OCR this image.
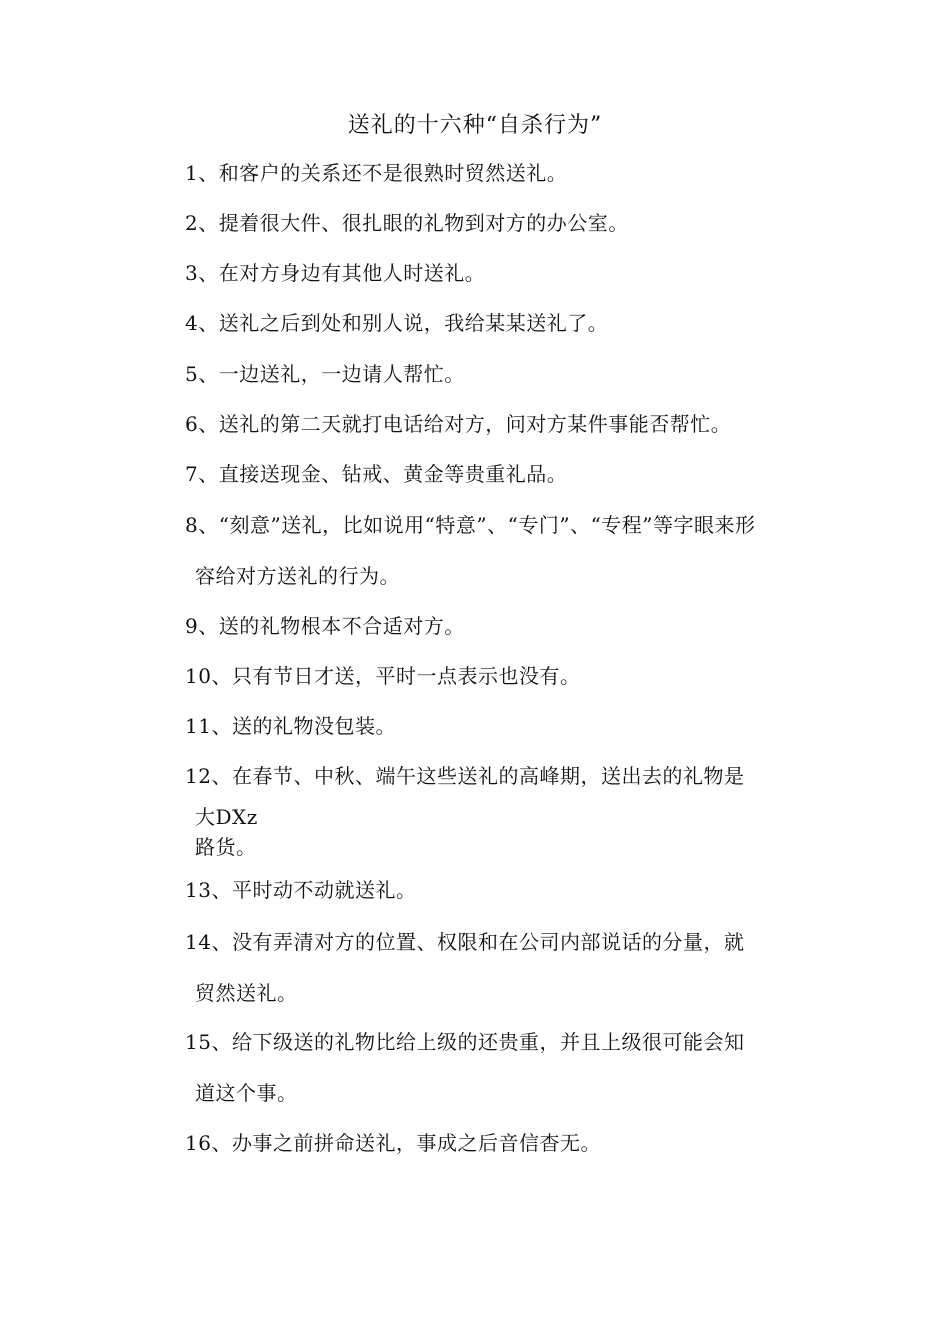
送礼的十六种“自杀行为”
1、和客户的关系还不是很熟时贸然送礼。
2、提着很大件、很扎眼的礼物到对方的办公室。
3、在对方身边有其他人时送礼。
4、送礼之后到处和别人说，我给某某送礼了。
5、一边送礼，一边请人帮忙。
6、送礼的第二天就打电话给对方，问对方某件事能否帮忙。
7、直接送现金、钻戒、黄金等贵重礼品。
8、“刻意”送礼，比如说用“特意”、“专门”、“专程”等字眼来形
容给对方送礼的行为。
9、送的礼物根本不合适对方。
10、只有节日才送，平时一点表示也没有。
11、送的礼物没包装。
12、在春节、中秋、端午这些送礼的高峰期，送出去的礼物是
大DXz
路货。
13、平时动不动就送礼。
14、没有弄清对方的位置、权限和在公司内部说话的分量，就
贸然送礼。
15、给下级送的礼物比给上级的还贵重，并且上级很可能会知
道这个事。
16、办事之前拼命送礼，事成之后音信杳无。
